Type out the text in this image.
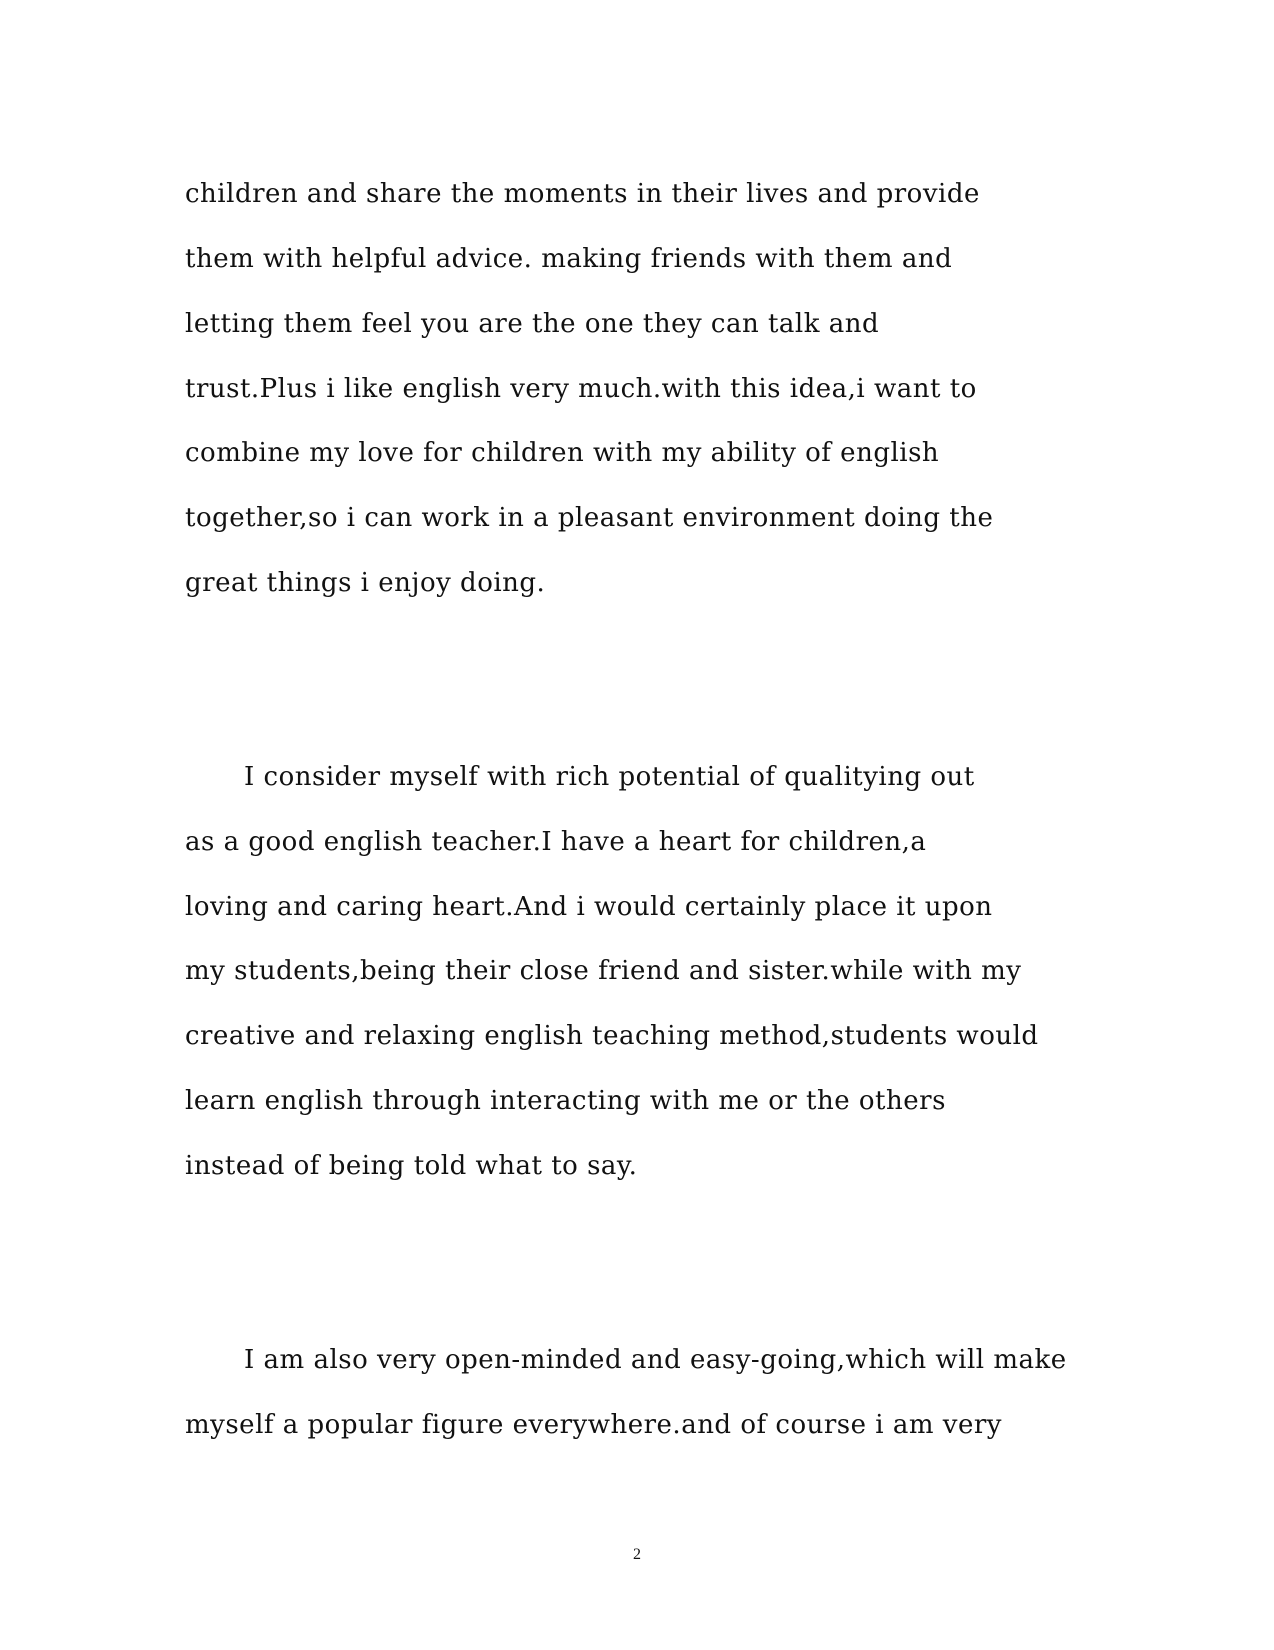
children and share the moments in their lives and provide
them with helpful advice. making friends with them and
letting them feel you are the one they can talk and
trust.Plus i like english very much.with this idea,i want to
combine my love for children with my ability of english
together,so i can work in a pleasant environment doing the
great things i enjoy doing.
I consider myself with rich potential of qualitying out
as a good english teacher.I have a heart for children,a
loving and caring heart.And i would certainly place it upon
my students,being their close friend and sister.while with my
creative and relaxing english teaching method,students would
learn english through interacting with me or the others
instead of being told what to say.
I am also very open-minded and easy-going,which will make
myself a popular figure everywhere.and of course i am very
2
